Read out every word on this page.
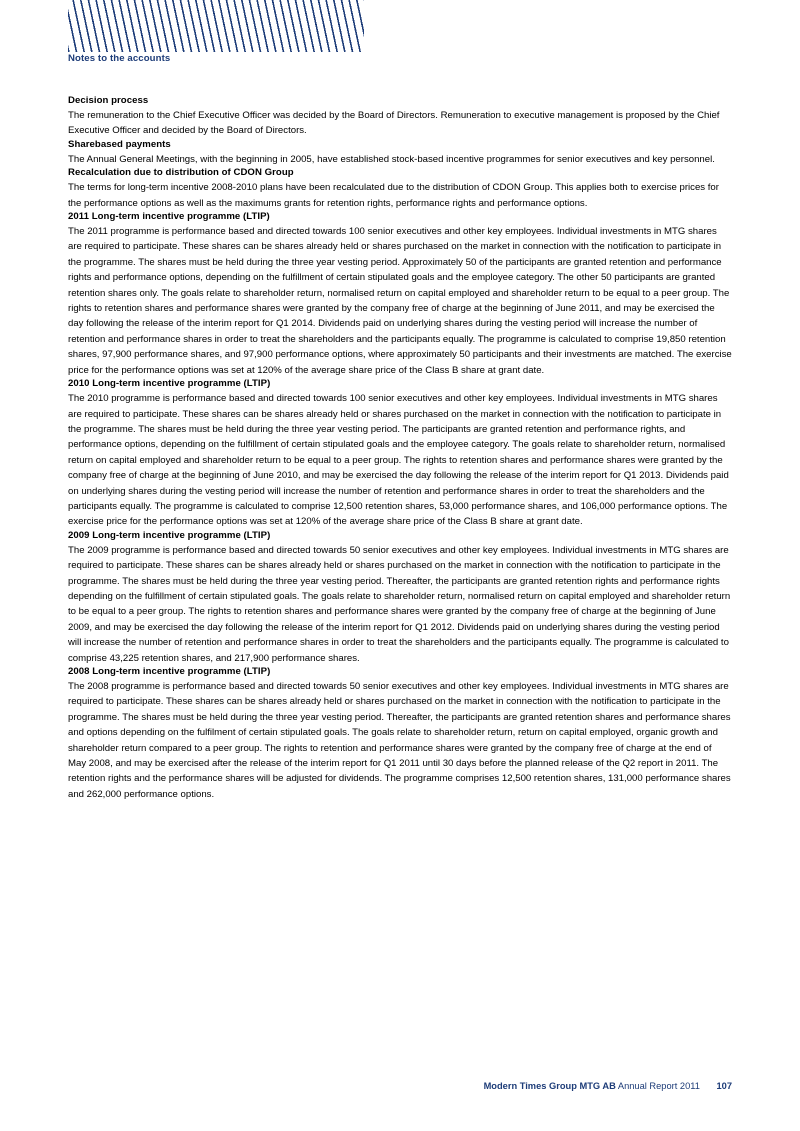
Notes to the accounts
Decision process

The remuneration to the Chief Executive Officer was decided by the Board of Directors. Remuneration to executive management is proposed by the Chief Executive Officer and decided by the Board of Directors.

Sharebased payments

The Annual General Meetings, with the beginning in 2005, have established stock-based incentive programmes for senior executives and key personnel.

Recalculation due to distribution of CDON Group

The terms for long-term incentive 2008-2010 plans have been recalculated due to the distribution of CDON Group. This applies both to exercise prices for the performance options as well as the maximums grants for retention rights, performance rights and performance options.

2011 Long-term incentive programme (LTIP)

The 2011 programme is performance based and directed towards 100 senior executives and other key employees. Individual investments in MTG shares are required to participate. These shares can be shares already held or shares purchased on the market in connection with the notification to participate in the programme. The shares must be held during the three year vesting period. Approximately 50 of the participants are granted retention and performance rights and performance options, depending on the fulfillment of certain stipulated goals and the employee category. The other 50 participants are granted retention shares only. The goals relate to shareholder return, normalised return on capital employed and shareholder return to be equal to a peer group. The rights to retention shares and performance shares were granted by the company free of charge at the beginning of June 2011, and may be exercised the day following the release of the interim report for Q1 2014. Dividends paid on underlying shares during the vesting period will increase the number of retention and performance shares in order to treat the shareholders and the participants equally. The programme is calculated to comprise 19,850 retention shares, 97,900 performance shares, and 97,900 performance options, where approximately 50 participants and their investments are matched. The exercise price for the performance options was set at 120% of the average share price of the Class B share at grant date.

2010 Long-term incentive programme (LTIP)

The 2010 programme is performance based and directed towards 100 senior executives and other key employees. Individual investments in MTG shares are required to participate. These shares can be shares already held or shares purchased on the market in connection with the notification to participate in the programme. The shares must be held during the three year vesting period. The participants are granted retention and performance rights, and performance options, depending on the fulfillment of certain stipulated goals and the employee category. The goals relate to shareholder return, normalised return on capital employed and shareholder return to be equal to a peer group. The rights to retention shares and performance shares were granted by the company free of charge at the beginning of June 2010, and may be exercised the day following the release of the interim report for Q1 2013. Dividends paid on underlying shares during the vesting period will increase the number of retention and performance shares in order to treat the shareholders and the participants equally. The programme is calculated to comprise 12,500 retention shares, 53,000 performance shares, and 106,000 performance options. The exercise price for the performance options was set at 120% of the average share price of the Class B share at grant date.

2009 Long-term incentive programme (LTIP)

The 2009 programme is performance based and directed towards 50 senior executives and other key employees. Individual investments in MTG shares are required to participate. These shares can be shares already held or shares purchased on the market in connection with the notification to participate in the programme. The shares must be held during the three year vesting period. Thereafter, the participants are granted retention rights and performance rights depending on the fulfillment of certain stipulated goals. The goals relate to shareholder return, normalised return on capital employed and shareholder return to be equal to a peer group. The rights to retention shares and performance shares were granted by the company free of charge at the beginning of June 2009, and may be exercised the day following the release of the interim report for Q1 2012. Dividends paid on underlying shares during the vesting period will increase the number of retention and performance shares in order to treat the shareholders and the participants equally. The programme is calculated to comprise 43,225 retention shares, and 217,900 performance shares.

2008 Long-term incentive programme (LTIP)

The 2008 programme is performance based and directed towards 50 senior executives and other key employees. Individual investments in MTG shares are required to participate. These shares can be shares already held or shares purchased on the market in connection with the notification to participate in the programme. The shares must be held during the three year vesting period. Thereafter, the participants are granted retention shares and performance shares and options depending on the fulfilment of certain stipulated goals. The goals relate to shareholder return, return on capital employed, organic growth and shareholder return compared to a peer group. The rights to retention and performance shares were granted by the company free of charge at the end of May 2008, and may be exercised after the release of the interim report for Q1 2011 until 30 days before the planned release of the Q2 report in 2011. The retention rights and the performance shares will be adjusted for dividends. The programme comprises 12,500 retention shares, 131,000 performance shares and 262,000 performance options.

Modern Times Group MTG AB Annual Report 2011 107
